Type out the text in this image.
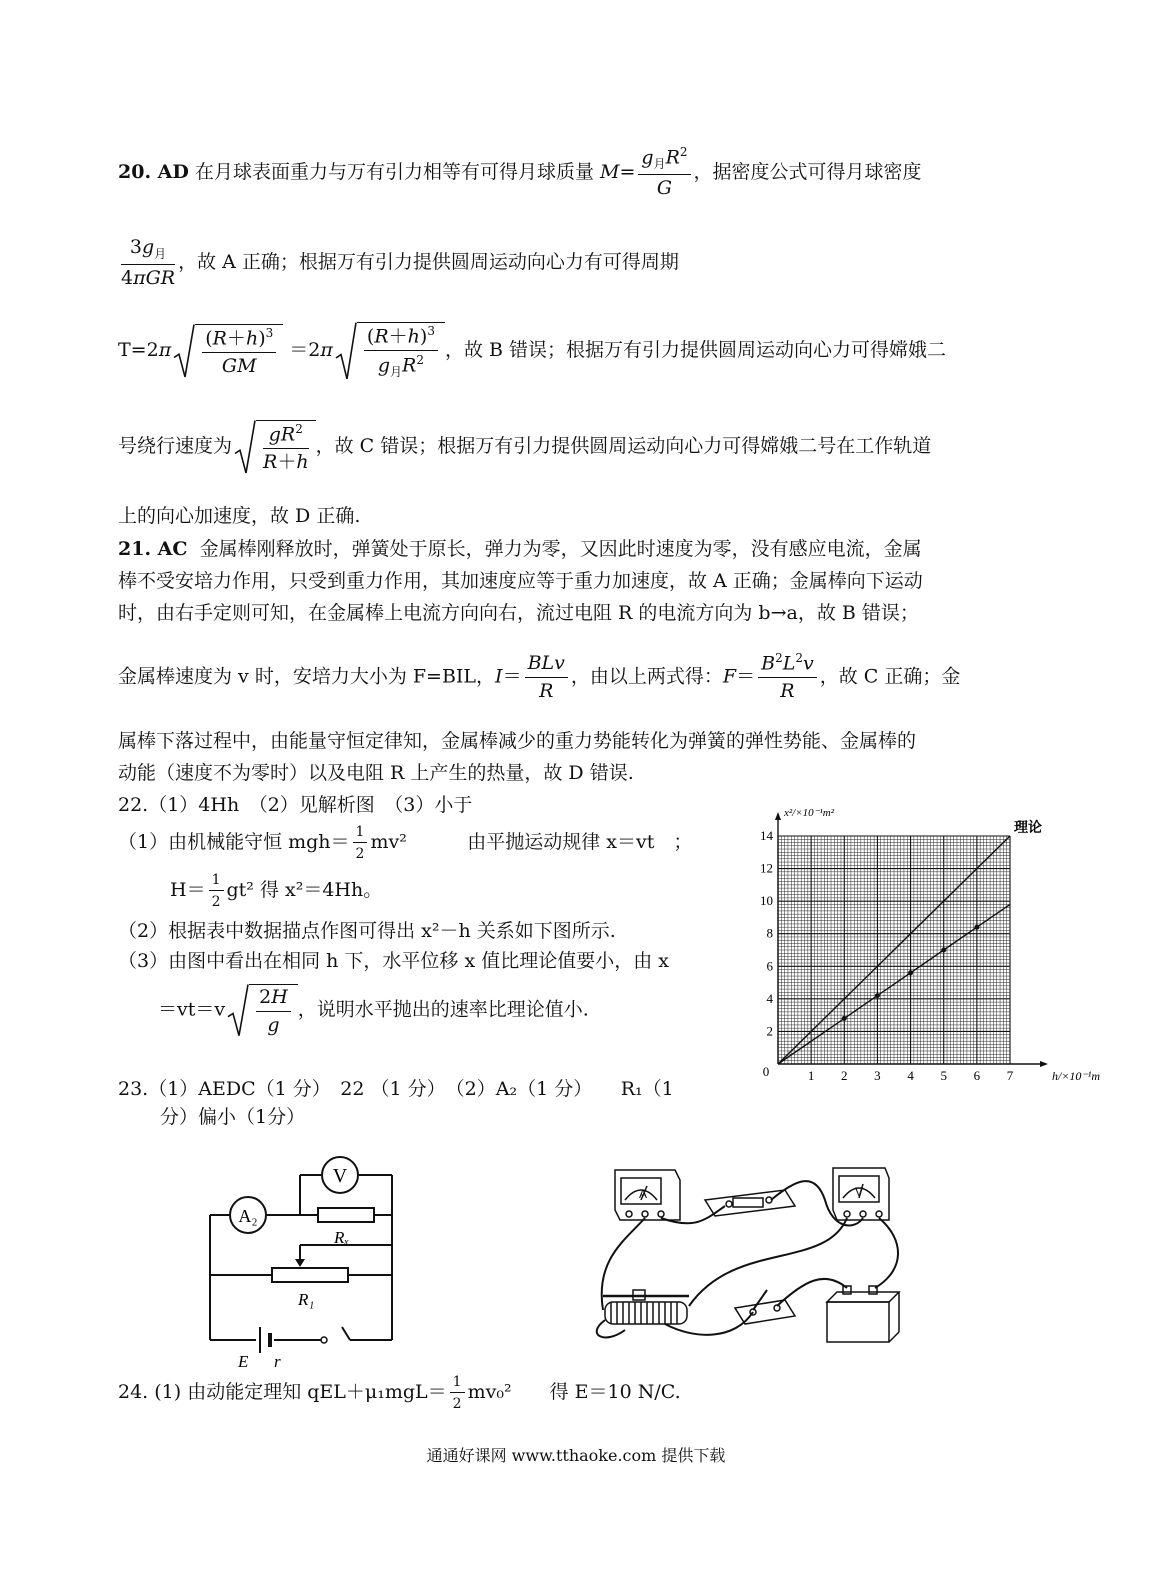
20. AD 在月球表面重力与万有引力相等有可得月球质量 $M= \frac{g_月R^2}{G}$ ，据密度公式可得月球密度
$\frac{3g_月}{\text{4πGR}}$ ，故 A 正确；根据万有引力提供圆周运动向心力有可得周期
$T=2\pi \frac{(R+h)^3}{GM} =2\pi \frac{(R+h)^3}{g_月R^2}$ ，故 B 错误；根据万有引力提供圆周运动向心力可得嫦娥二
号绕行速度为 $\frac{gR^2}{R+h}$ ，故 C 错误；根据万有引力提供圆周运动向心力可得嫦娥二号在工作轨道
上的向心加速度，故 D 正确.
21. AC 金属棒刚释放时，弹簧处于原长，弹力为零，又因此时速度为零，没有感应电流，金属
棒不受安培力作用，只受到重力作用，其加速度应等于重力加速度，故 A 正确；金属棒向下运动
时，由右手定则可知，在金属棒上电流方向向右，流过电阻 R 的电流方向为 b→a，故 B 错误；
金属棒速度为 v 时，安培力大小为 F=BIL，$I= \frac{\text{BLv}}{R}$ ，由以上两式得：$F= \frac{B^2L^2v}{R}$ ，故 C 正确；金
属棒下落过程中，由能量守恒定律知，金属棒减少的重力势能转化为弹簧的弹性势能、金属棒的
动能（速度不为零时）以及电阻 R 上产生的热量，故 D 错误.
22.（1）4Hh　（2）见解析图　（3）小于
（1）由机械能守恒 $mgh= \frac{1}{2} mv^2$	由平抛运动规律 x＝vt　；
$H= \frac{1}{2} gt^2$ 得 x²＝4Hh。
（2）根据表中数据描点作图可得出 x²－h 关系如下图所示.
（3）由图中看出在相同 h 下，水平位移 x 值比理论值要小，由 x
$=vt=v \frac{2H}{g}$ ，说明水平抛出的速率比理论值小.
1 2 3 4 5 6 7
2
4
6
8
10
12
14
0
x²/×10⁻¹m²
h/×10⁻¹m
理论
23.（1）AEDC（1 分）　22 （1 分）　（2）A₂（1 分）　　R₁（1
分）偏小（1分）
V
A₂
Rₓ
R₁
E r
A	V
24. (1) 由动能定理知 $qEL+\mu_1mgL= \frac{1}{2} mv_0^2$　　得 E＝10 N/C.
通通好课网 www.tthaoke.com 提供下载
